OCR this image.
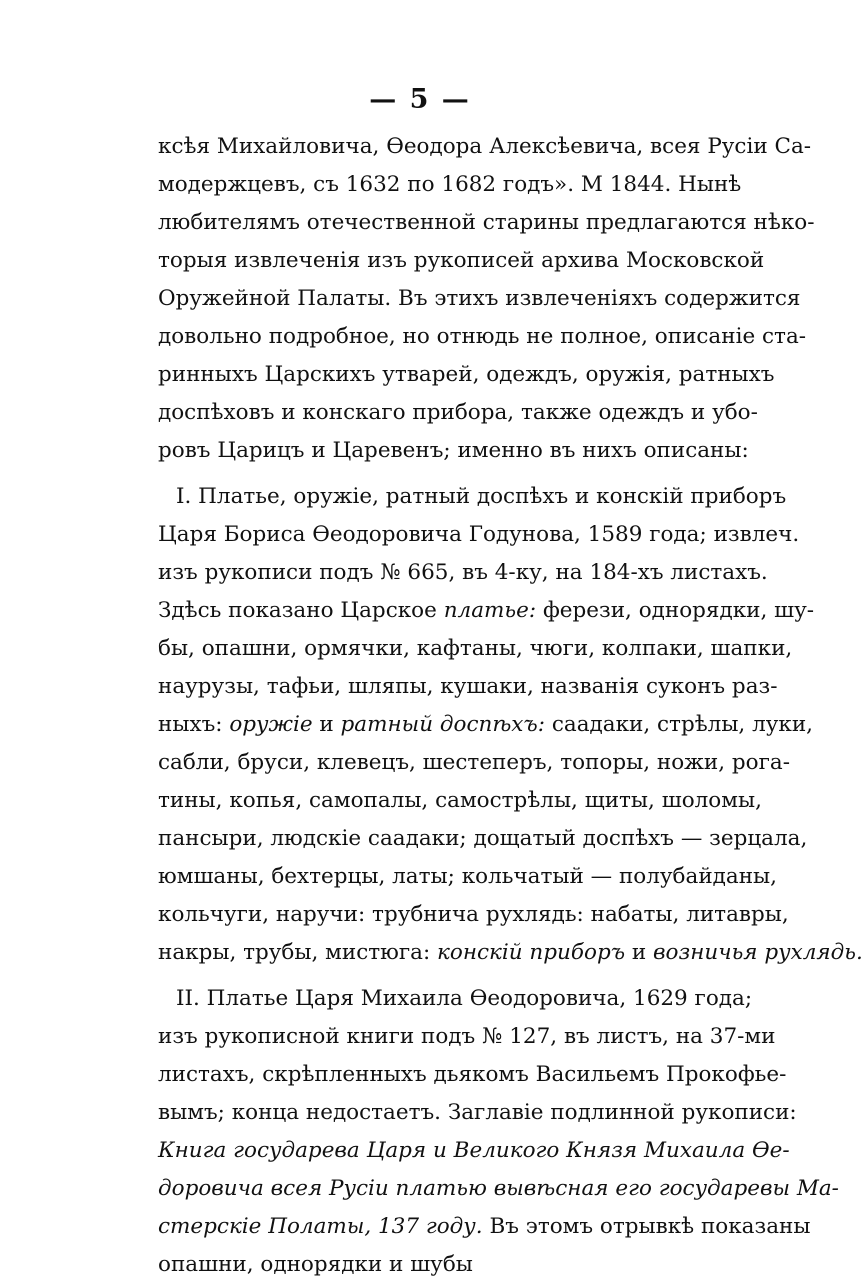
— 5 —
ксѣя Михайловича, Ѳеодора Алексѣевича, всея Русіи Са-
модержцевъ, съ 1632 по 1682 годъ». М 1844. Нынѣ
любителямъ отечественной старины предлагаются нѣко-
торыя извлеченія изъ рукописей архива Московской
Оружейной Палаты. Въ этихъ извлеченіяхъ содержится
довольно подробное, но отнюдь не полное, описаніе ста-
ринныхъ Царскихъ утварей, одеждъ, оружія, ратныхъ
доспѣховъ и конскаго прибора, также одеждъ и убо-
ровъ Царицъ и Царевенъ; именно въ нихъ описаны:
I. Платье, оружіе, ратный доспѣхъ и конскій приборъ
Царя Бориса Ѳеодоровича Годунова, 1589 года; извлеч.
изъ рукописи подъ № 665, въ 4-ку, на 184-хъ листахъ.
Здѣсь показано Царское платье: ферези, однорядки, шу-
бы, опашни, ормячки, кафтаны, чюги, колпаки, шапки,
наурузы, тафьи, шляпы, кушаки, названія суконъ раз-
ныхъ: оружіе и ратный доспѣхъ: саадаки, стрѣлы, луки,
сабли, бруси, клевецъ, шестеперъ, топоры, ножи, рога-
тины, копья, самопалы, самострѣлы, щиты, шоломы,
пансыри, людскіе саадаки; дощатый доспѣхъ — зерцала,
юмшаны, бехтерцы, латы; кольчатый — полубайданы,
кольчуги, наручи: трубнича рухлядь: набаты, литавры,
накры, трубы, мистюга: конскій приборъ и возничья рухлядь.
II. Платье Царя Михаила Ѳеодоровича, 1629 года;
изъ рукописной книги подъ № 127, въ листъ, на 37-ми
листахъ, скрѣпленныхъ дьякомъ Васильемъ Прокофье-
вымъ; конца недостаетъ. Заглавіе подлинной рукописи:
Книга государева Царя и Великого Князя Михаила Ѳе-
доровича всея Русіи платью вывѣсная его государевы Ма-
стерскіе Полаты, 137 году. Въ этомъ отрывкѣ показаны
опашни, однорядки и шубы
